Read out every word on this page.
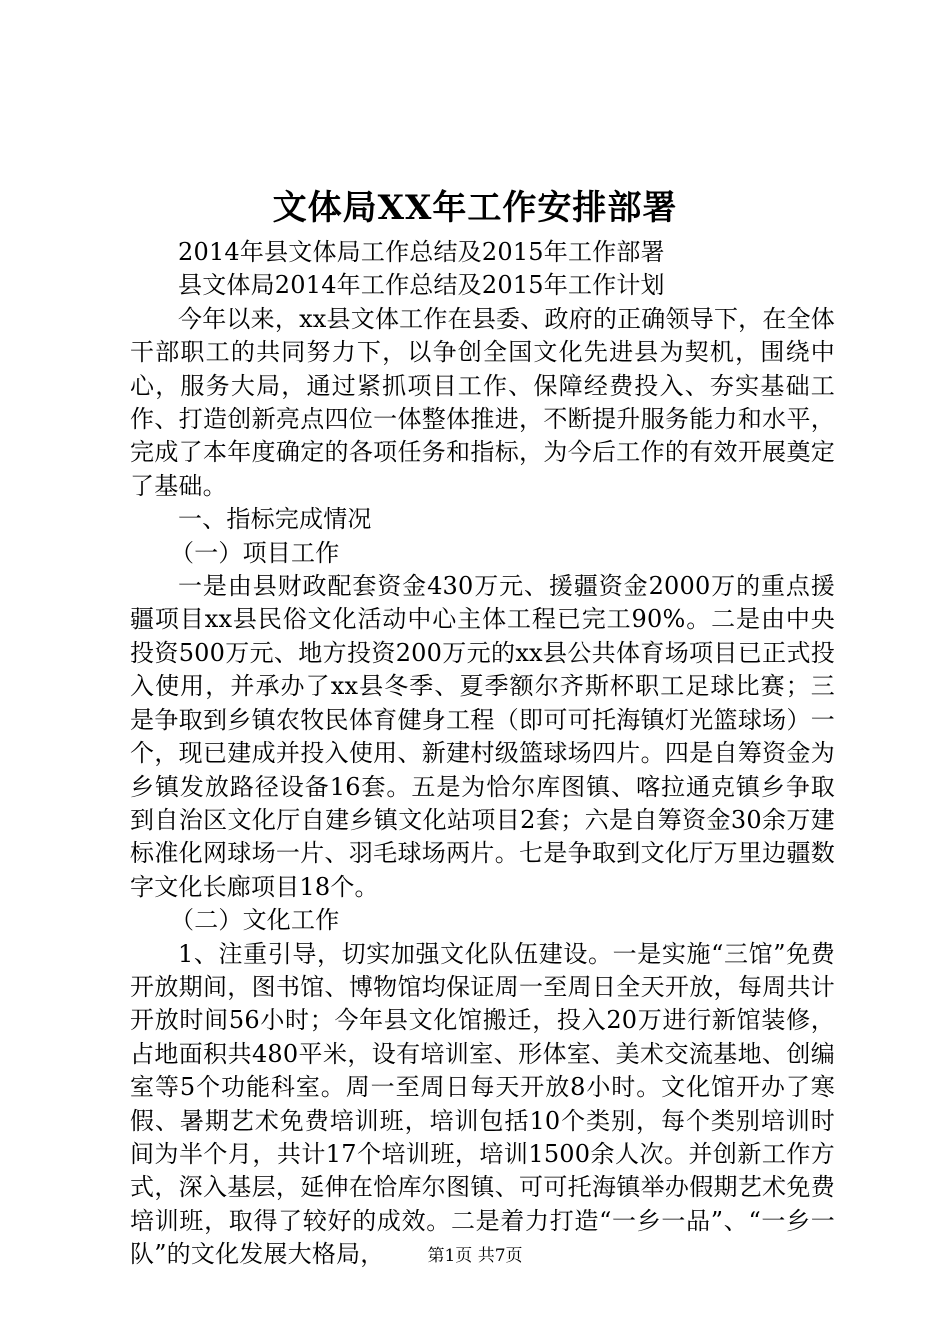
文体局XX年工作安排部署

2014年县文体局工作总结及2015年工作部署

县文体局2014年工作总结及2015年工作计划

今年以来，xx县文体工作在县委、政府的正确领导下，在全体干部职工的共同努力下，以争创全国文化先进县为契机，围绕中心，服务大局，通过紧抓项目工作、保障经费投入、夯实基础工作、打造创新亮点四位一体整体推进，不断提升服务能力和水平，完成了本年度确定的各项任务和指标，为今后工作的有效开展奠定了基础。

一、指标完成情况

（一）项目工作

一是由县财政配套资金430万元、援疆资金2000万的重点援疆项目xx县民俗文化活动中心主体工程已完工90%。二是由中央投资500万元、地方投资200万元的xx县公共体育场项目已正式投入使用，并承办了xx县冬季、夏季额尔齐斯杯职工足球比赛；三是争取到乡镇农牧民体育健身工程（即可可托海镇灯光篮球场）一个，现已建成并投入使用、新建村级篮球场四片。四是自筹资金为乡镇发放路径设备16套。五是为恰尔库图镇、喀拉通克镇乡争取到自治区文化厅自建乡镇文化站项目2套；六是自筹资金30余万建标准化网球场一片、羽毛球场两片。七是争取到文化厅万里边疆数字文化长廊项目18个。

（二）文化工作

1、注重引导，切实加强文化队伍建设。一是实施“三馆”免费开放期间，图书馆、博物馆均保证周一至周日全天开放，每周共计开放时间56小时；今年县文化馆搬迁，投入20万进行新馆装修，占地面积共480平米，设有培训室、形体室、美术交流基地、创编室等5个功能科室。周一至周日每天开放8小时。文化馆开办了寒假、暑期艺术免费培训班，培训包括10个类别，每个类别培训时间为半个月，共计17个培训班，培训1500余人次。并创新工作方式，深入基层，延伸在恰库尔图镇、可可托海镇举办假期艺术免费培训班，取得了较好的成效。二是着力打造“一乡一品”、“一乡一队”的文化发展大格局，	第1页 共7页
